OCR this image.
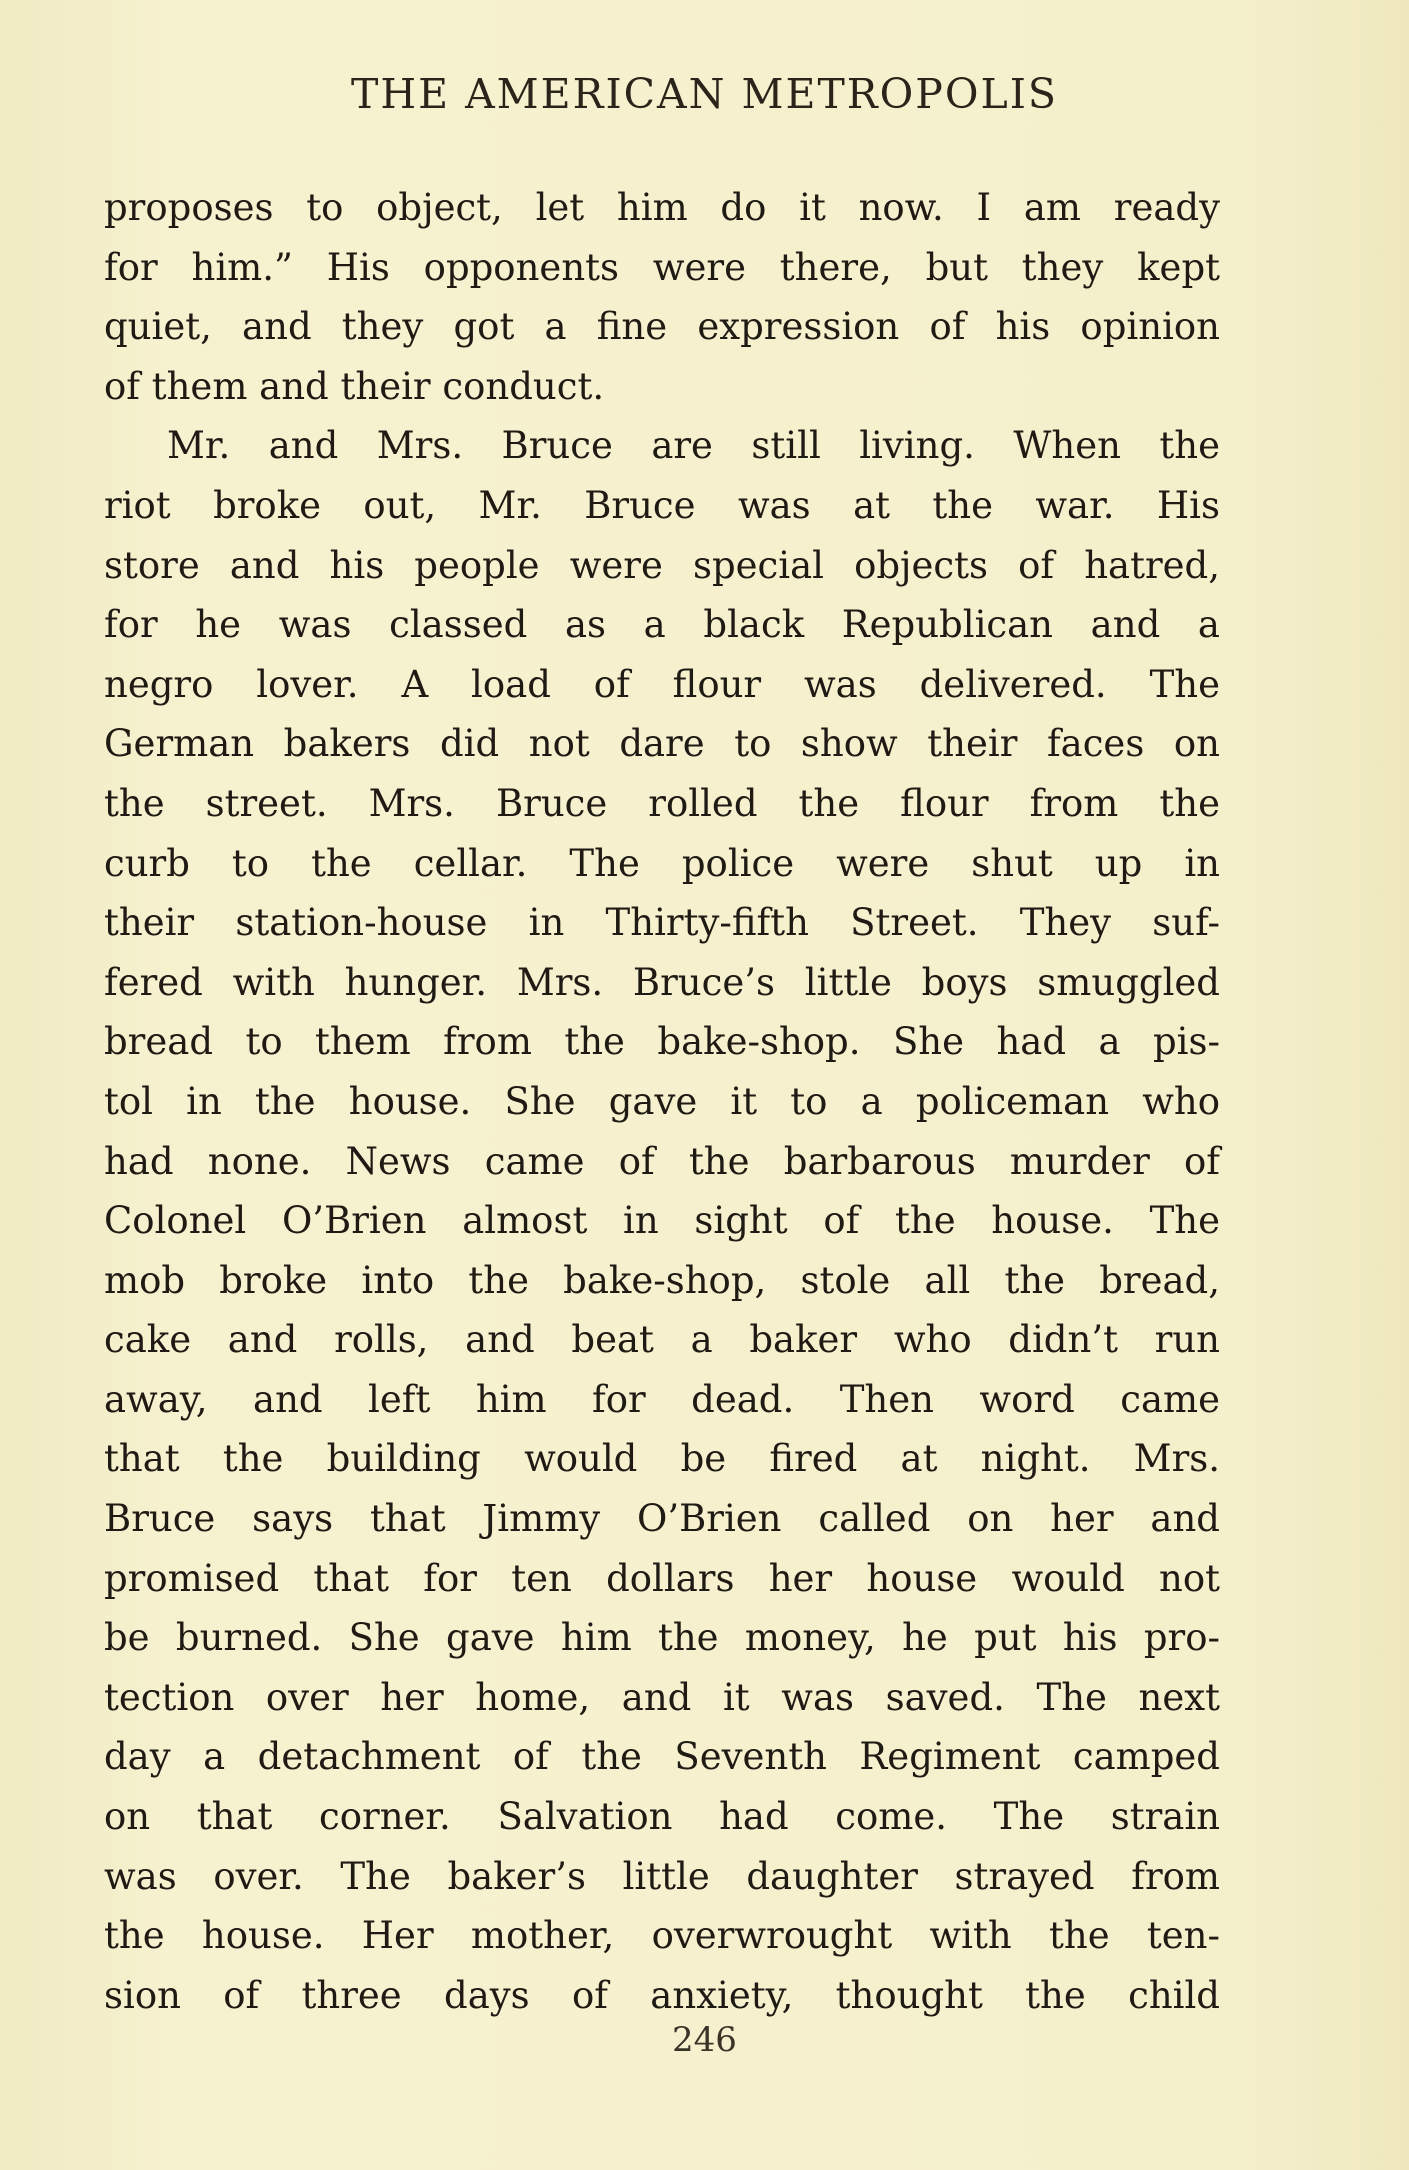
THE AMERICAN METROPOLIS
proposes to object, let him do it now. I am ready
for him.” His opponents were there, but they kept
quiet, and they got a fine expression of his opinion
of them and their conduct.
Mr. and Mrs. Bruce are still living. When the
riot broke out, Mr. Bruce was at the war. His
store and his people were special objects of hatred,
for he was classed as a black Republican and a
negro lover. A load of flour was delivered. The
German bakers did not dare to show their faces on
the street. Mrs. Bruce rolled the flour from the
curb to the cellar. The police were shut up in
their station-house in Thirty-fifth Street. They suf-
fered with hunger. Mrs. Bruce’s little boys smuggled
bread to them from the bake-shop. She had a pis-
tol in the house. She gave it to a policeman who
had none. News came of the barbarous murder of
Colonel O’Brien almost in sight of the house. The
mob broke into the bake-shop, stole all the bread,
cake and rolls, and beat a baker who didn’t run
away, and left him for dead. Then word came
that the building would be fired at night. Mrs.
Bruce says that Jimmy O’Brien called on her and
promised that for ten dollars her house would not
be burned. She gave him the money, he put his pro-
tection over her home, and it was saved. The next
day a detachment of the Seventh Regiment camped
on that corner. Salvation had come. The strain
was over. The baker’s little daughter strayed from
the house. Her mother, overwrought with the ten-
sion of three days of anxiety, thought the child
246
